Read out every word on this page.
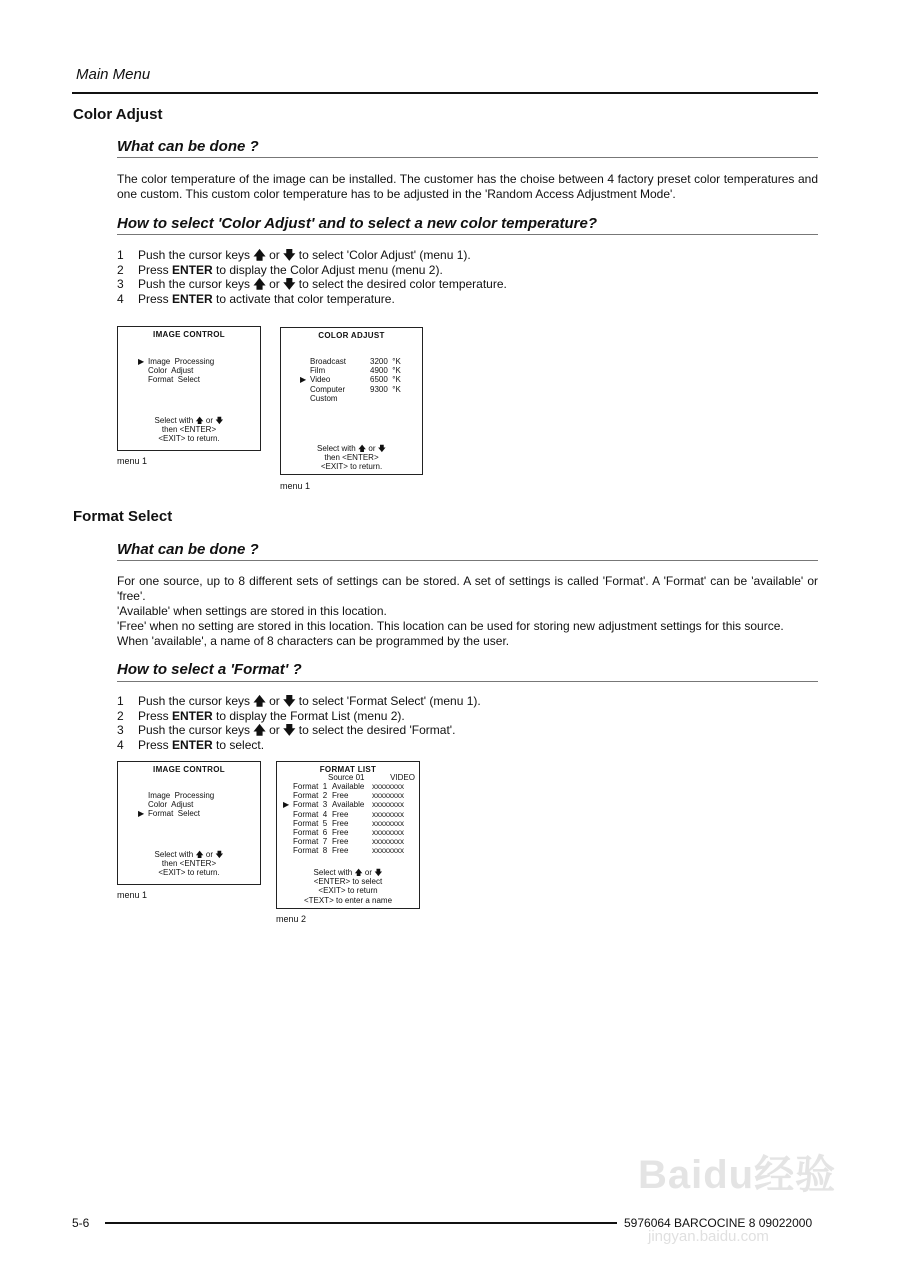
Main Menu
Color Adjust
What can be done ?
The color temperature of the image can be installed. The customer has the choise between 4 factory preset color temperatures and one custom. This custom color temperature has to be adjusted in the 'Random Access Adjustment Mode'.
How to select 'Color Adjust' and to select a new color temperature?
1 Push the cursor keys 🡅 or 🡇 to select 'Color Adjust' (menu 1).
2 Press ENTER to display the Color Adjust menu (menu 2).
3 Push the cursor keys 🡅 or 🡇 to select the desired color temperature.
4 Press ENTER to activate that color temperature.
IMAGE CONTROL
▶ Image  Processing
Color  Adjust
Format  Select
Select with 🡅 or 🡇
then <ENTER>
<EXIT> to return.
menu 1
COLOR ADJUST
Broadcast	3200  °K
Film	4900  °K
▶ Video	6500  °K
Computer	9300  °K
Custom
Select with 🡅 or 🡇
then <ENTER>
<EXIT> to return.
menu 1
Format Select
What can be done ?
For one source, up to 8 different sets of settings can be stored. A set of settings is called 'Format'. A 'Format' can be 'available' or 'free'.
'Available' when settings are stored in this location.
'Free' when no setting are stored in this location. This location can be used for storing new adjustment settings for this source.
When 'available', a name of 8 characters can be programmed by the user.
How to select a 'Format' ?
1 Push the cursor keys 🡅 or 🡇 to select 'Format Select' (menu 1).
2 Press ENTER to display the Format List (menu 2).
3 Push the cursor keys 🡅 or 🡇 to select the desired 'Format'.
4 Press ENTER to select.
IMAGE CONTROL
Image  Processing
Color  Adjust
▶ Format  Select
Select with 🡅 or 🡇
then <ENTER>
<EXIT> to return.
menu 1
FORMAT LIST
Source 01	VIDEO
Format  1 Available xxxxxxxx
Format  2 Free	xxxxxxxx
▶ Format  3 Available xxxxxxxx
Format  4 Free	xxxxxxxx
Format  5 Free	xxxxxxxx
Format  6 Free	xxxxxxxx
Format  7 Free	xxxxxxxx
Format  8 Free	xxxxxxxx
Select with 🡅 or 🡇
<ENTER> to select
<EXIT> to return
<TEXT> to enter a name
menu 2
Baidu经验
jingyan.baidu.com
5-6	5976064 BARCOCINE 8 09022000
